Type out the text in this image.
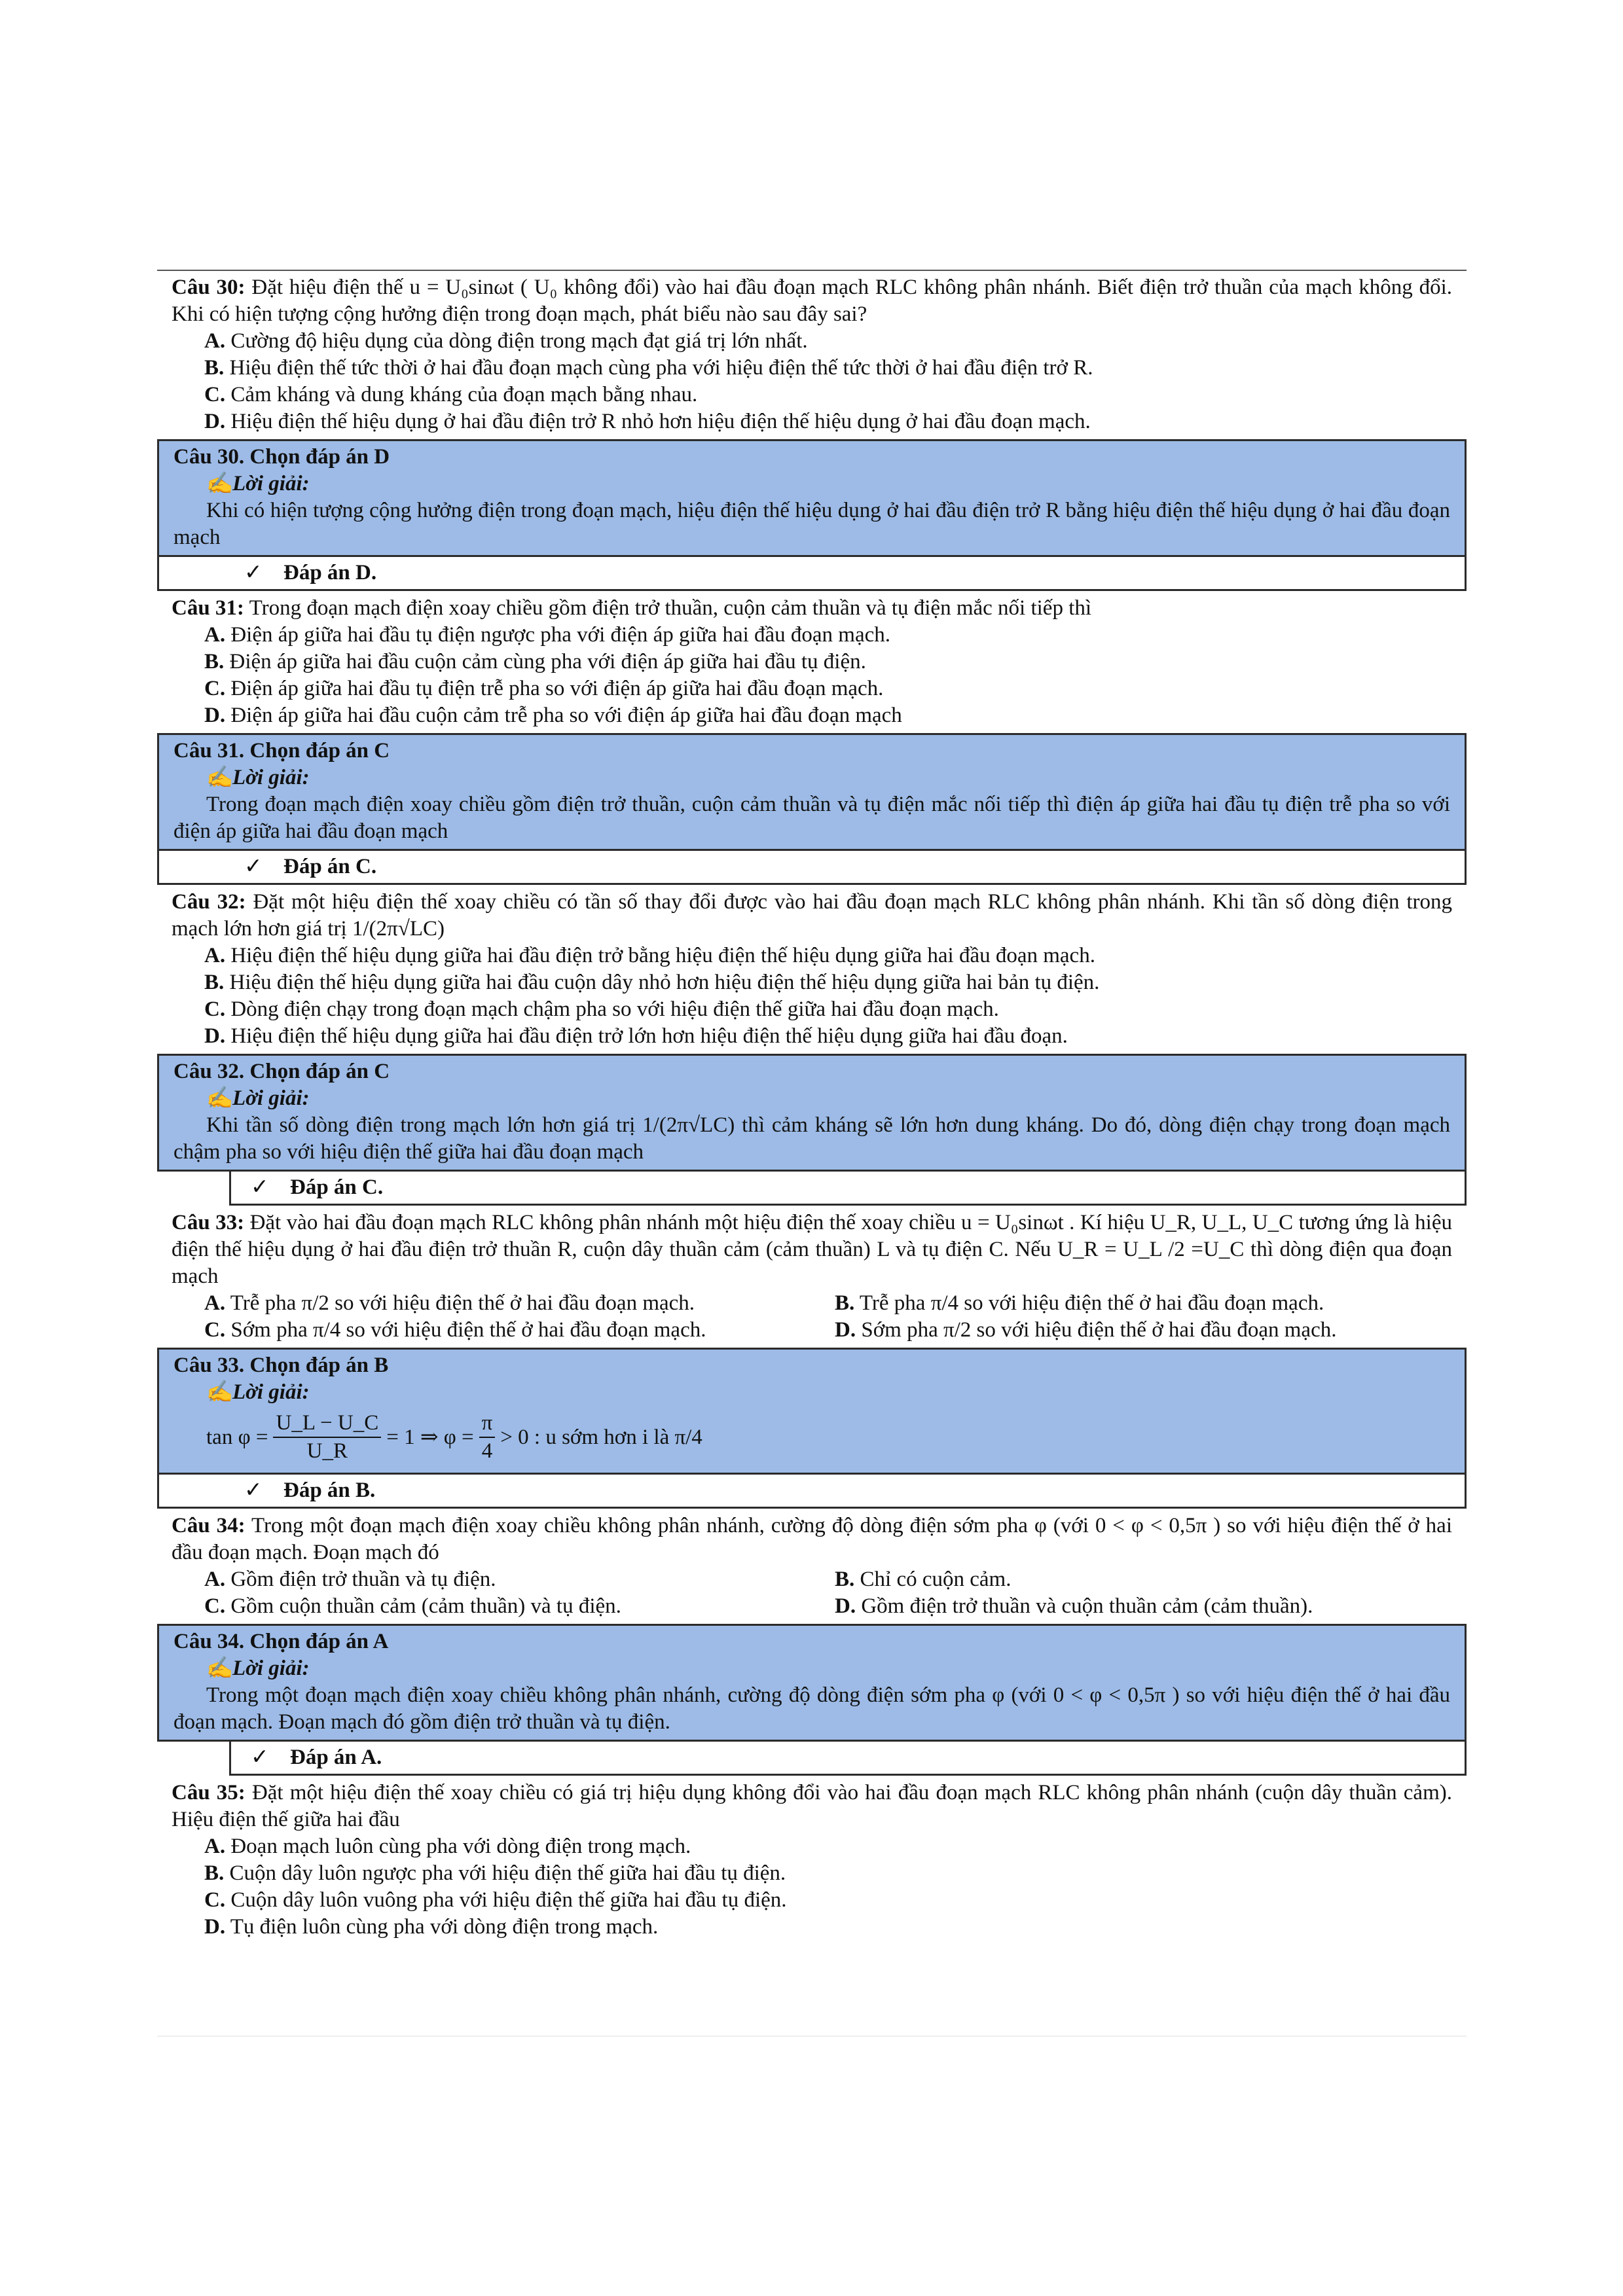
Câu 30: Đặt hiệu điện thế u = U₀sinωt ( U₀ không đổi) vào hai đầu đoạn mạch RLC không phân nhánh. Biết điện trở thuần của mạch không đổi. Khi có hiện tượng cộng hưởng điện trong đoạn mạch, phát biểu nào sau đây sai?
A. Cường độ hiệu dụng của dòng điện trong mạch đạt giá trị lớn nhất.
B. Hiệu điện thế tức thời ở hai đầu đoạn mạch cùng pha với hiệu điện thế tức thời ở hai đầu điện trở R.
C. Cảm kháng và dung kháng của đoạn mạch bằng nhau.
D. Hiệu điện thế hiệu dụng ở hai đầu điện trở R nhỏ hơn hiệu điện thế hiệu dụng ở hai đầu đoạn mạch.
Câu 30. Chọn đáp án D
✍Lời giải:
Khi có hiện tượng cộng hưởng điện trong đoạn mạch, hiệu điện thế hiệu dụng ở hai đầu điện trở R bằng hiệu điện thế hiệu dụng ở hai đầu đoạn mạch
✓ Đáp án D.
Câu 31: Trong đoạn mạch điện xoay chiều gồm điện trở thuần, cuộn cảm thuần và tụ điện mắc nối tiếp thì
A. Điện áp giữa hai đầu tụ điện ngược pha với điện áp giữa hai đầu đoạn mạch.
B. Điện áp giữa hai đầu cuộn cảm cùng pha với điện áp giữa hai đầu tụ điện.
C. Điện áp giữa hai đầu tụ điện trễ pha so với điện áp giữa hai đầu đoạn mạch.
D. Điện áp giữa hai đầu cuộn cảm trễ pha so với điện áp giữa hai đầu đoạn mạch
Câu 31. Chọn đáp án C
✍Lời giải:
Trong đoạn mạch điện xoay chiều gồm điện trở thuần, cuộn cảm thuần và tụ điện mắc nối tiếp thì điện áp giữa hai đầu tụ điện trễ pha so với điện áp giữa hai đầu đoạn mạch
✓ Đáp án C.
Câu 32: Đặt một hiệu điện thế xoay chiều có tần số thay đổi được vào hai đầu đoạn mạch RLC không phân nhánh. Khi tần số dòng điện trong mạch lớn hơn giá trị 1/(2π√LC)
A. Hiệu điện thế hiệu dụng giữa hai đầu điện trở bằng hiệu điện thế hiệu dụng giữa hai đầu đoạn mạch.
B. Hiệu điện thế hiệu dụng giữa hai đầu cuộn dây nhỏ hơn hiệu điện thế hiệu dụng giữa hai bản tụ điện.
C. Dòng điện chạy trong đoạn mạch chậm pha so với hiệu điện thế giữa hai đầu đoạn mạch.
D. Hiệu điện thế hiệu dụng giữa hai đầu điện trở lớn hơn hiệu điện thế hiệu dụng giữa hai đầu đoạn.
Câu 32. Chọn đáp án C
✍Lời giải:
Khi tần số dòng điện trong mạch lớn hơn giá trị 1/(2π√LC) thì cảm kháng sẽ lớn hơn dung kháng. Do đó, dòng điện chạy trong đoạn mạch chậm pha so với hiệu điện thế giữa hai đầu đoạn mạch
✓ Đáp án C.
Câu 33: Đặt vào hai đầu đoạn mạch RLC không phân nhánh một hiệu điện thế xoay chiều u = U₀sinωt . Kí hiệu U_R, U_L, U_C tương ứng là hiệu điện thế hiệu dụng ở hai đầu điện trở thuần R, cuộn dây thuần cảm (cảm thuần) L và tụ điện C. Nếu U_R = U_L /2 =U_C thì dòng điện qua đoạn mạch
A. Trễ pha π/2 so với hiệu điện thế ở hai đầu đoạn mạch.	B. Trễ pha π/4 so với hiệu điện thế ở hai đầu đoạn mạch.
C. Sớm pha π/4 so với hiệu điện thế ở hai đầu đoạn mạch.	D. Sớm pha π/2 so với hiệu điện thế ở hai đầu đoạn mạch.
Câu 33. Chọn đáp án B
✍Lời giải:
$\tan \varphi = \frac{U\_L - U\_C}{U\_R} = 1$ ⇒ $\varphi = \frac{\pi}{4} > 0$ : u sớm hơn i là π/4
✓ Đáp án B.
Câu 34: Trong một đoạn mạch điện xoay chiều không phân nhánh, cường độ dòng điện sớm pha φ (với 0 < φ < 0,5π ) so với hiệu điện thế ở hai đầu đoạn mạch. Đoạn mạch đó
A. Gồm điện trở thuần và tụ điện.	B. Chỉ có cuộn cảm.
C. Gồm cuộn thuần cảm (cảm thuần) và tụ điện.	D. Gồm điện trở thuần và cuộn thuần cảm (cảm thuần).
Câu 34. Chọn đáp án A
✍Lời giải:
Trong một đoạn mạch điện xoay chiều không phân nhánh, cường độ dòng điện sớm pha φ (với 0 < φ < 0,5π ) so với hiệu điện thế ở hai đầu đoạn mạch. Đoạn mạch đó gồm điện trở thuần và tụ điện.
✓ Đáp án A.
Câu 35: Đặt một hiệu điện thế xoay chiều có giá trị hiệu dụng không đổi vào hai đầu đoạn mạch RLC không phân nhánh (cuộn dây thuần cảm). Hiệu điện thế giữa hai đầu
A. Đoạn mạch luôn cùng pha với dòng điện trong mạch.
B. Cuộn dây luôn ngược pha với hiệu điện thế giữa hai đầu tụ điện.
C. Cuộn dây luôn vuông pha với hiệu điện thế giữa hai đầu tụ điện.
D. Tụ điện luôn cùng pha với dòng điện trong mạch.
